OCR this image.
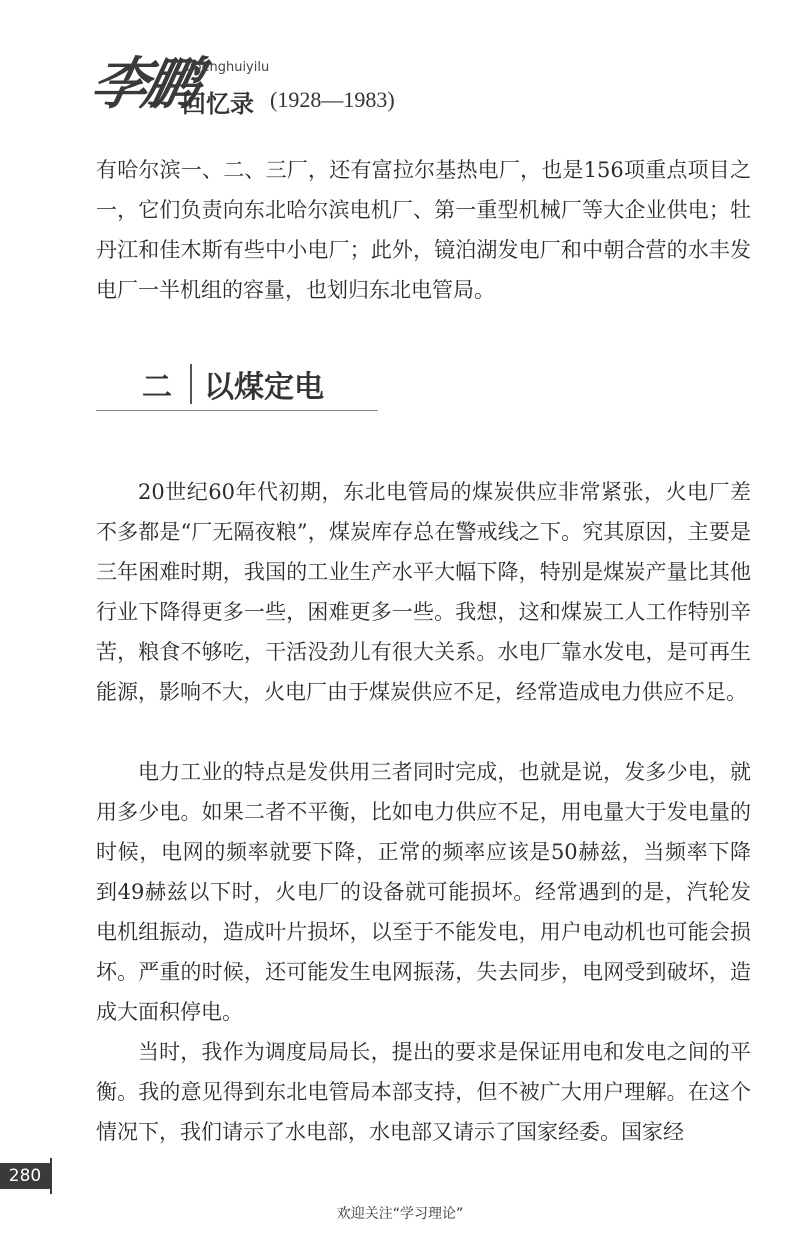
李鹏
lipenghuiyilu
回忆录 (1928—1983)

有哈尔滨一、二、三厂，还有富拉尔基热电厂，也是156项重点项目之一，它们负责向东北哈尔滨电机厂、第一重型机械厂等大企业供电；牡丹江和佳木斯有些中小电厂；此外，镜泊湖发电厂和中朝合营的水丰发电厂一半机组的容量，也划归东北电管局。

二 以煤定电

20世纪60年代初期，东北电管局的煤炭供应非常紧张，火电厂差不多都是“厂无隔夜粮”，煤炭库存总在警戒线之下。究其原因，主要是三年困难时期，我国的工业生产水平大幅下降，特别是煤炭产量比其他行业下降得更多一些，困难更多一些。我想，这和煤炭工人工作特别辛苦，粮食不够吃，干活没劲儿有很大关系。水电厂靠水发电，是可再生能源，影响不大，火电厂由于煤炭供应不足，经常造成电力供应不足。

电力工业的特点是发供用三者同时完成，也就是说，发多少电，就用多少电。如果二者不平衡，比如电力供应不足，用电量大于发电量的时候，电网的频率就要下降，正常的频率应该是50赫兹，当频率下降到49赫兹以下时，火电厂的设备就可能损坏。经常遇到的是，汽轮发电机组振动，造成叶片损坏，以至于不能发电，用户电动机也可能会损坏。严重的时候，还可能发生电网振荡，失去同步，电网受到破坏，造成大面积停电。

当时，我作为调度局局长，提出的要求是保证用电和发电之间的平衡。我的意见得到东北电管局本部支持，但不被广大用户理解。在这个情况下，我们请示了水电部，水电部又请示了国家经委。国家经

280
欢迎关注“学习理论”
